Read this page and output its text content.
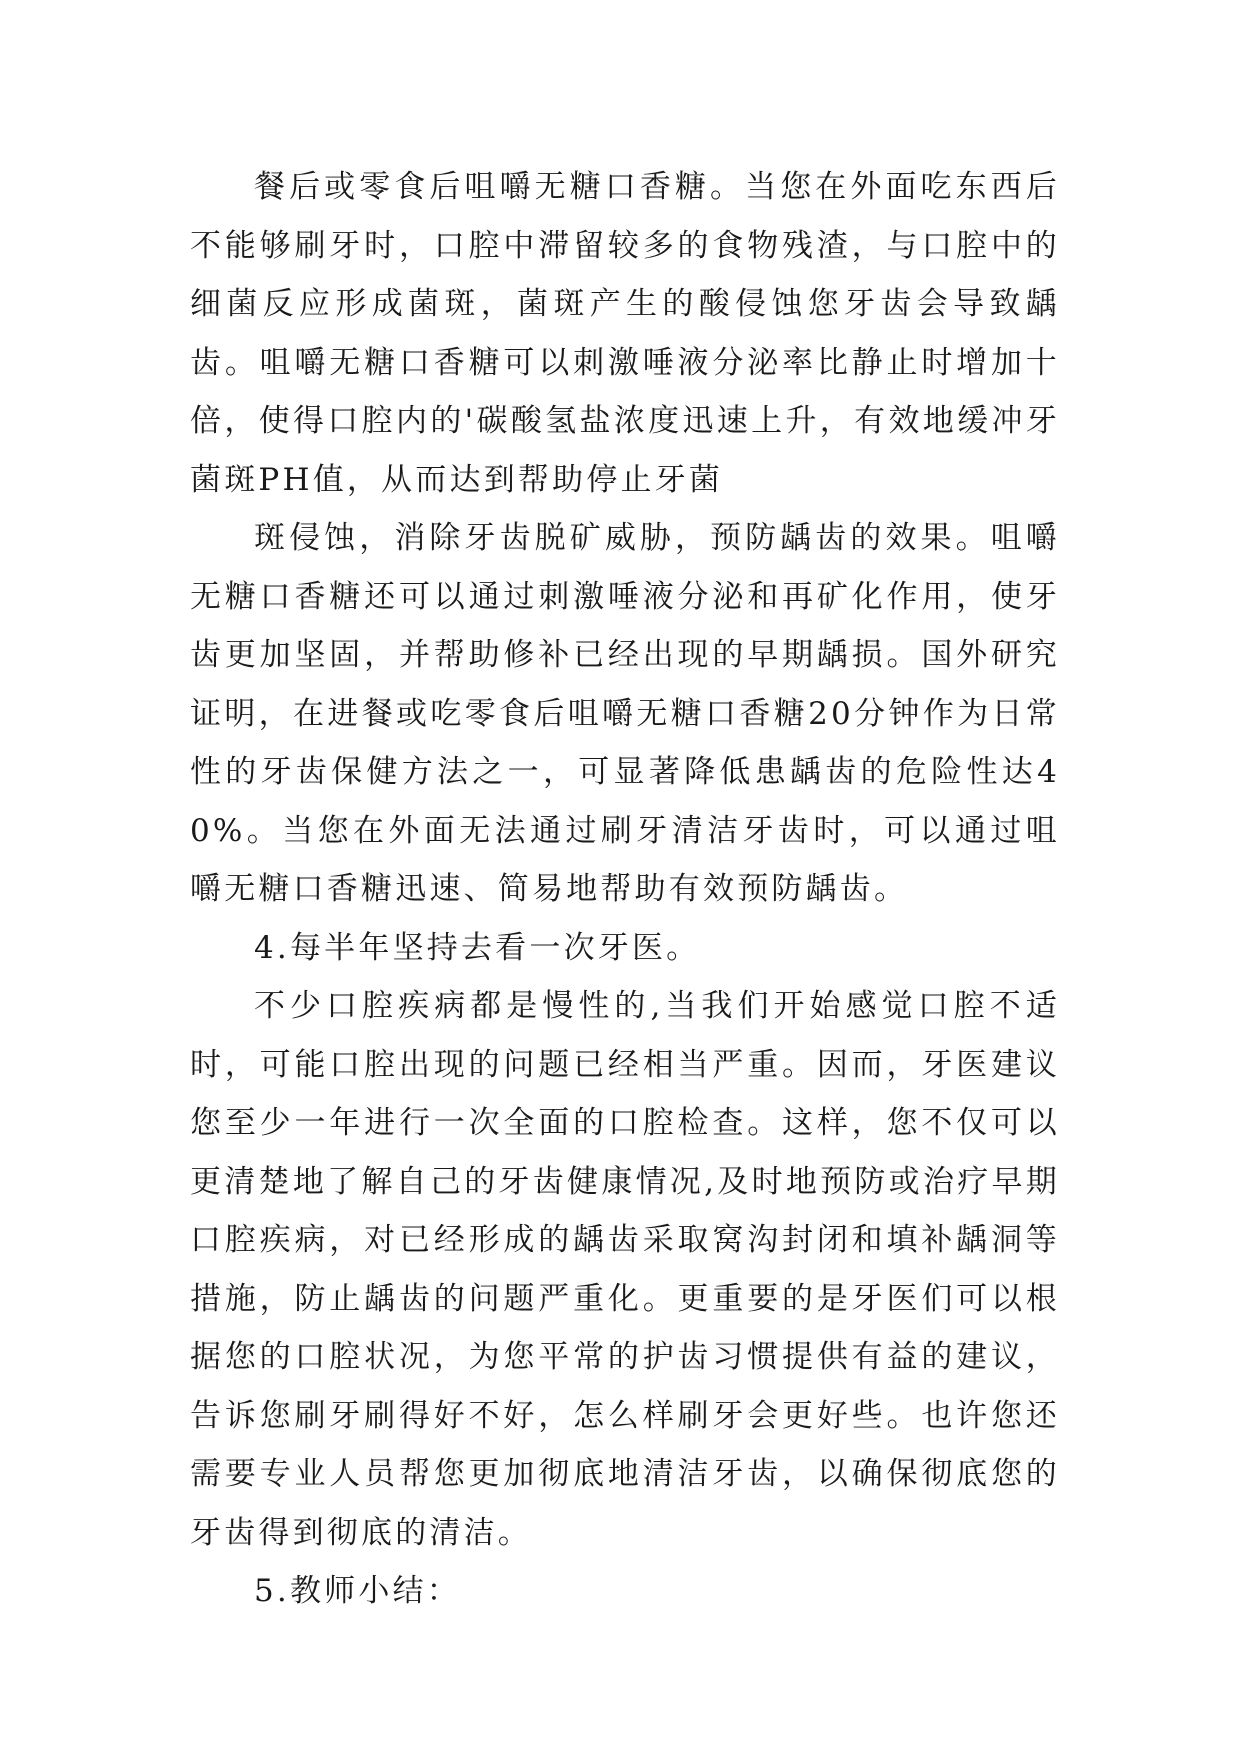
餐后或零食后咀嚼无糖口香糖。当您在外面吃东西后不能够刷牙时，口腔中滞留较多的食物残渣，与口腔中的细菌反应形成菌斑，菌斑产生的酸侵蚀您牙齿会导致龋齿。咀嚼无糖口香糖可以刺激唾液分泌率比静止时增加十倍，使得口腔内的'碳酸氢盐浓度迅速上升，有效地缓冲牙菌斑PH值，从而达到帮助停止牙菌

斑侵蚀，消除牙齿脱矿威胁，预防龋齿的效果。咀嚼无糖口香糖还可以通过刺激唾液分泌和再矿化作用，使牙齿更加坚固，并帮助修补已经出现的早期龋损。国外研究证明，在进餐或吃零食后咀嚼无糖口香糖20分钟作为日常性的牙齿保健方法之一，可显著降低患龋齿的危险性达40%。当您在外面无法通过刷牙清洁牙齿时，可以通过咀嚼无糖口香糖迅速、简易地帮助有效预防龋齿。

4.每半年坚持去看一次牙医。

不少口腔疾病都是慢性的,当我们开始感觉口腔不适时，可能口腔出现的问题已经相当严重。因而，牙医建议您至少一年进行一次全面的口腔检查。这样，您不仅可以更清楚地了解自己的牙齿健康情况,及时地预防或治疗早期口腔疾病，对已经形成的龋齿采取窝沟封闭和填补龋洞等措施，防止龋齿的问题严重化。更重要的是牙医们可以根据您的口腔状况，为您平常的护齿习惯提供有益的建议，告诉您刷牙刷得好不好，怎么样刷牙会更好些。也许您还需要专业人员帮您更加彻底地清洁牙齿，以确保彻底您的牙齿得到彻底的清洁。

5.教师小结：
